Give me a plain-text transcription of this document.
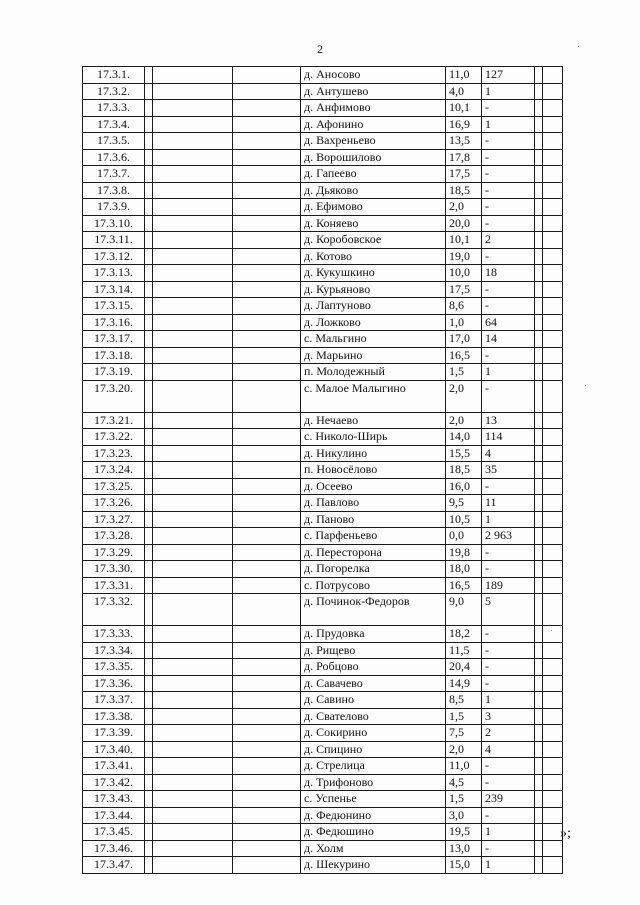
2
17.3.1.				д. Аносово	11,0	127		
17.3.2.				д. Антушево	4,0	1		
17.3.3.				д. Анфимово	10,1	-		
17.3.4.				д. Афонино	16,9	1		
17.3.5.				д. Вахреньево	13,5	-		
17.3.6.				д. Ворошилово	17,8	-		
17.3.7.				д. Гапеево	17,5	-		
17.3.8.				д. Дьяково	18,5	-		
17.3.9.				д. Ефимово	2,0	-		
17.3.10.				д. Коняево	20,0	-		
17.3.11.				д. Коробовское	10,1	2		
17.3.12.				д. Котово	19,0	-		
17.3.13.				д. Кукушкино	10,0	18		
17.3.14.				д. Курьяново	17,5	-		
17.3.15.				д. Лаптуново	8,6	-		
17.3.16.				д. Ложково	1,0	64		
17.3.17.				с. Мальгино	17,0	14		
17.3.18.				д. Марьино	16,5	-		
17.3.19.				п. Молодежный	1,5	1		
17.3.20.				с. Малое Малыгино	2,0	-		
17.3.21.				д. Нечаево	2,0	13		
17.3.22.				с. Николо-Ширь	14,0	114		
17.3.23.				д. Никулино	15,5	4		
17.3.24.				п. Новосёлово	18,5	35		
17.3.25.				д. Осеево	16,0	-		
17.3.26.				д. Павлово	9,5	11		
17.3.27.				д. Паново	10,5	1		
17.3.28.				с. Парфеньево	0,0	2 963		
17.3.29.				д. Пересторона	19,8	-		
17.3.30.				д. Погорелка	18,0	-		
17.3.31.				с. Потрусово	16,5	189		
17.3.32.				д. Починок-Федоров	9,0	5		
17.3.33.				д. Прудовка	18,2	-		
17.3.34.				д. Рищево	11,5	-		
17.3.35.				д. Робцово	20,4	-		
17.3.36.				д. Савачево	14,9	-		
17.3.37.				д. Савино	8,5	1		
17.3.38.				д. Свателово	1,5	3		
17.3.39.				д. Сокирино	7,5	2		
17.3.40.				д. Спицино	2,0	4		
17.3.41.				д. Стрелица	11,0	-		
17.3.42.				д. Трифоново	4,5	-		
17.3.43.				с. Успенье	1,5	239		
17.3.44.				д. Федюнино	3,0	-		
17.3.45.				д. Федюшино	19,5	1		
17.3.46.				д. Холм	13,0	-		
17.3.47.				д. Шекурино	15,0	1		
»;
